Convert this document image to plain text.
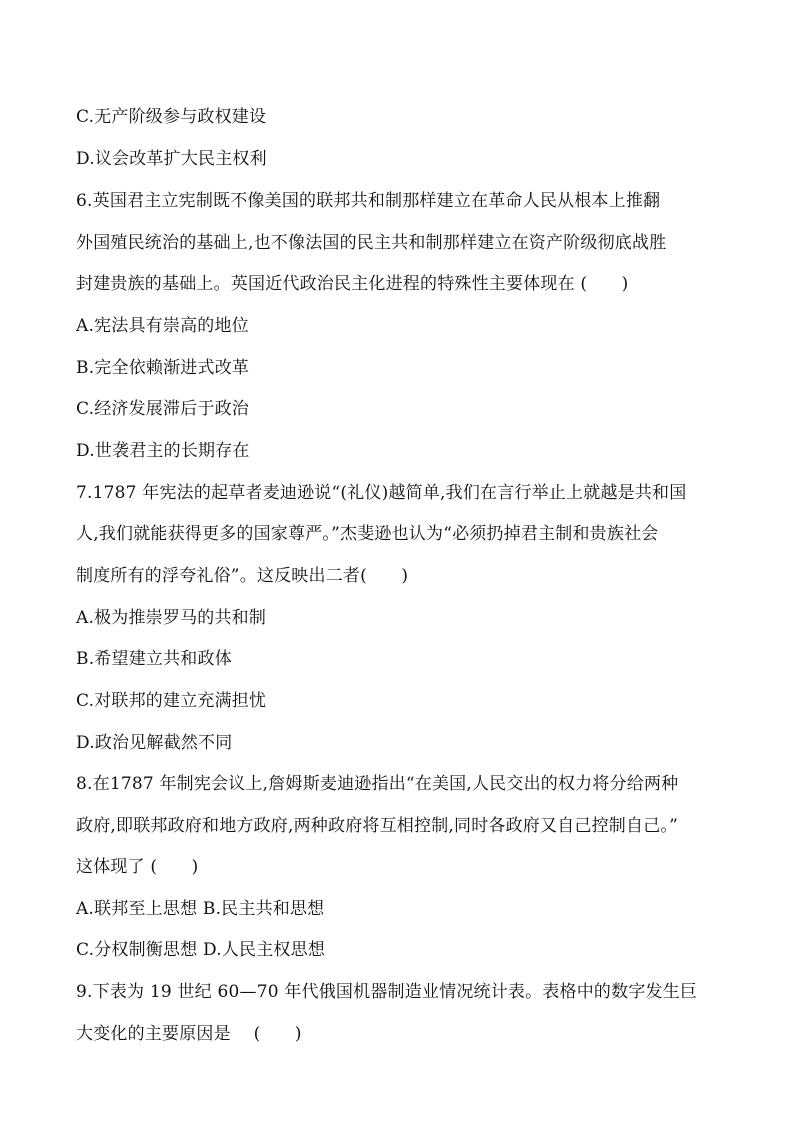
C.无产阶级参与政权建设
D.议会改革扩大民主权利
6.英国君主立宪制既不像美国的联邦共和制那样建立在革命人民从根本上推翻
外国殖民统治的基础上,也不像法国的民主共和制那样建立在资产阶级彻底战胜
封建贵族的基础上。英国近代政治民主化进程的特殊性主要体现在 (　　)
A.宪法具有崇高的地位
B.完全依赖渐进式改革
C.经济发展滞后于政治
D.世袭君主的长期存在
7.1787 年宪法的起草者麦迪逊说“(礼仪)越简单,我们在言行举止上就越是共和国
人,我们就能获得更多的国家尊严。”杰斐逊也认为“必须扔掉君主制和贵族社会
制度所有的浮夸礼俗”。这反映出二者(　　)
A.极为推崇罗马的共和制
B.希望建立共和政体
C.对联邦的建立充满担忧
D.政治见解截然不同
8.在1787 年制宪会议上,詹姆斯麦迪逊指出“在美国,人民交出的权力将分给两种
政府,即联邦政府和地方政府,两种政府将互相控制,同时各政府又自己控制自己。”
这体现了 (　　)
A.联邦至上思想 B.民主共和思想
C.分权制衡思想 D.人民主权思想
9.下表为 19 世纪 60—70 年代俄国机器制造业情况统计表。表格中的数字发生巨
大变化的主要原因是　 (　　)
